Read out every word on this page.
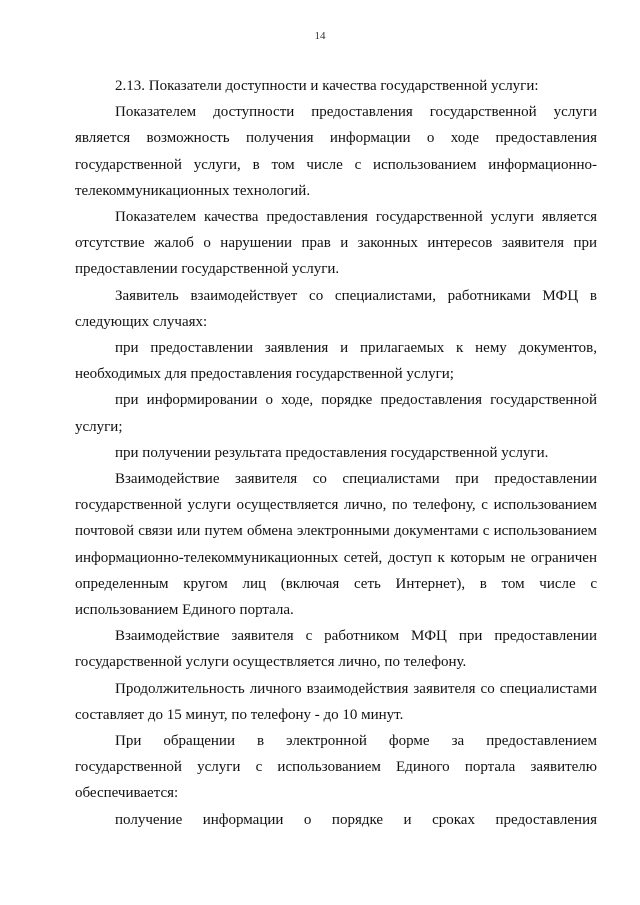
14

2.13. Показатели доступности и качества государственной услуги:

Показателем доступности предоставления государственной услуги является возможность получения информации о ходе предоставления государственной услуги, в том числе с использованием информационно-телекоммуникационных технологий.

Показателем качества предоставления государственной услуги является отсутствие жалоб о нарушении прав и законных интересов заявителя при предоставлении государственной услуги.

Заявитель взаимодействует со специалистами, работниками МФЦ в следующих случаях:

при предоставлении заявления и прилагаемых к нему документов, необходимых для предоставления государственной услуги;

при информировании о ходе, порядке предоставления государственной услуги;

при получении результата предоставления государственной услуги.

Взаимодействие заявителя со специалистами при предоставлении государственной услуги осуществляется лично, по телефону, с использованием почтовой связи или путем обмена электронными документами с использованием информационно-телекоммуникационных сетей, доступ к которым не ограничен определенным кругом лиц (включая сеть Интернет), в том числе с использованием Единого портала.

Взаимодействие заявителя с работником МФЦ при предоставлении государственной услуги осуществляется лично, по телефону.

Продолжительность личного взаимодействия заявителя со специалистами составляет до 15 минут, по телефону - до 10 минут.

При обращении в электронной форме за предоставлением государственной услуги с использованием Единого портала заявителю обеспечивается:

получение информации о порядке и сроках предоставления
